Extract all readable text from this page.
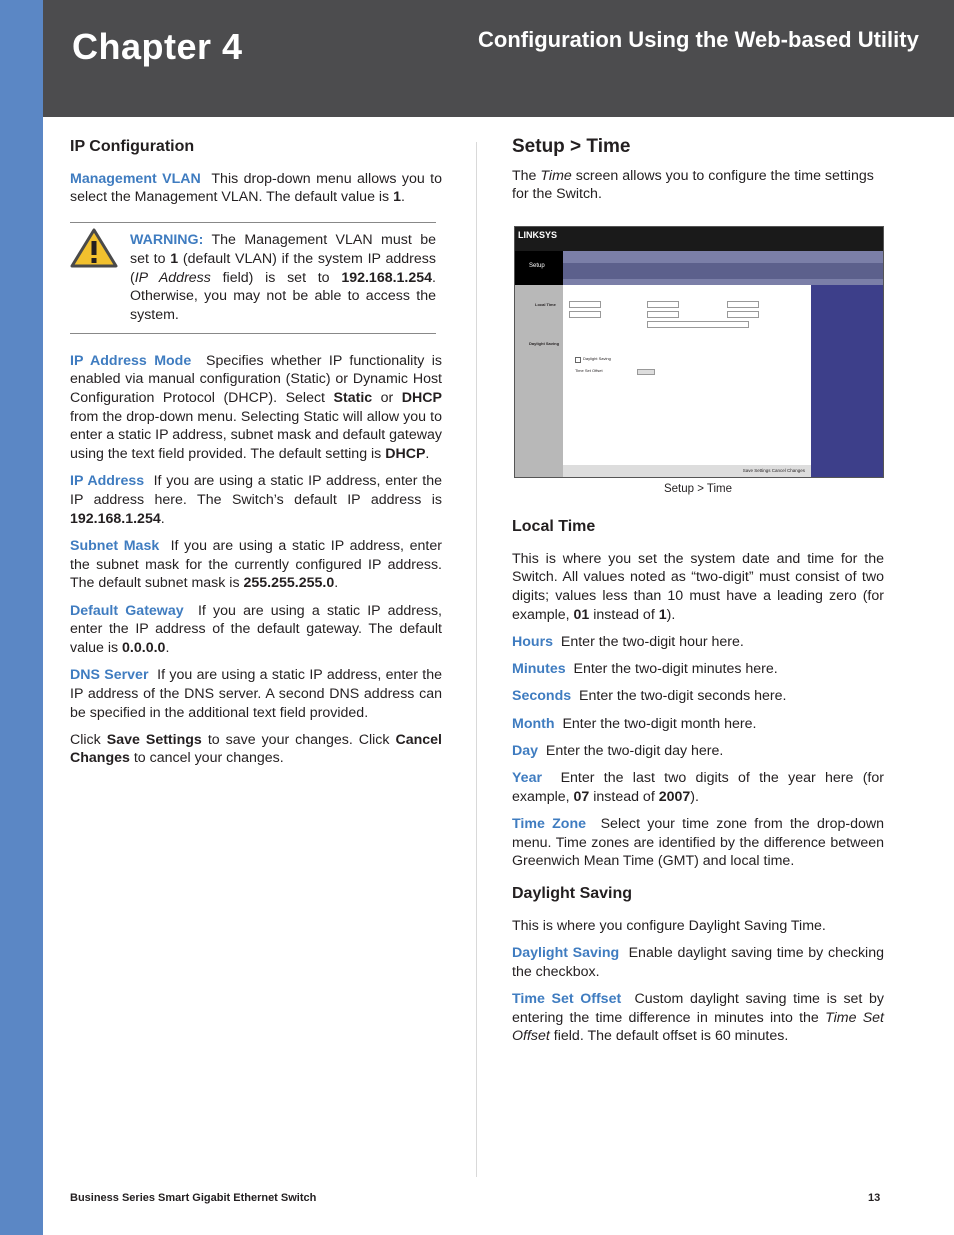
Chapter 4	Configuration Using the Web-based Utility
IP Configuration

Management VLAN This drop-down menu allows you to select the Management VLAN. The default value is 1.

WARNING: The Management VLAN must be set to 1 (default VLAN) if the system IP address (IP Address field) is set to 192.168.1.254. Otherwise, you may not be able to access the system.

IP Address Mode Specifies whether IP functionality is enabled via manual configuration (Static) or Dynamic Host Configuration Protocol (DHCP). Select Static or DHCP from the drop-down menu. Selecting Static will allow you to enter a static IP address, subnet mask and default gateway using the text field provided. The default setting is DHCP.

IP Address If you are using a static IP address, enter the IP address here. The Switch’s default IP address is 192.168.1.254.

Subnet Mask If you are using a static IP address, enter the subnet mask for the currently configured IP address. The default subnet mask is 255.255.255.0.

Default Gateway If you are using a static IP address, enter the IP address of the default gateway. The default value is 0.0.0.0.

DNS Server If you are using a static IP address, enter the IP address of the DNS server. A second DNS address can be specified in the additional text field provided.

Click Save Settings to save your changes. Click Cancel Changes to cancel your changes.

Setup > Time

The Time screen allows you to configure the time settings for the Switch.

LINKSYS
Setup
Local Time
Daylight Saving
Daylight Saving
Time Set Offset
Save Settings Cancel Changes
Setup > Time
Local Time

This is where you set the system date and time for the Switch. All values noted as “two-digit” must consist of two digits; values less than 10 must have a leading zero (for example, 01 instead of 1).

Hours Enter the two-digit hour here.

Minutes Enter the two-digit minutes here.

Seconds Enter the two-digit seconds here.

Month Enter the two-digit month here.

Day Enter the two-digit day here.

Year Enter the last two digits of the year here (for example, 07 instead of 2007).

Time Zone Select your time zone from the drop-down menu. Time zones are identified by the difference between Greenwich Mean Time (GMT) and local time.

Daylight Saving

This is where you configure Daylight Saving Time.

Daylight Saving Enable daylight saving time by checking the checkbox.

Time Set Offset Custom daylight saving time is set by entering the time difference in minutes into the Time Set Offset field. The default offset is 60 minutes.

Business Series Smart Gigabit Ethernet Switch	13
